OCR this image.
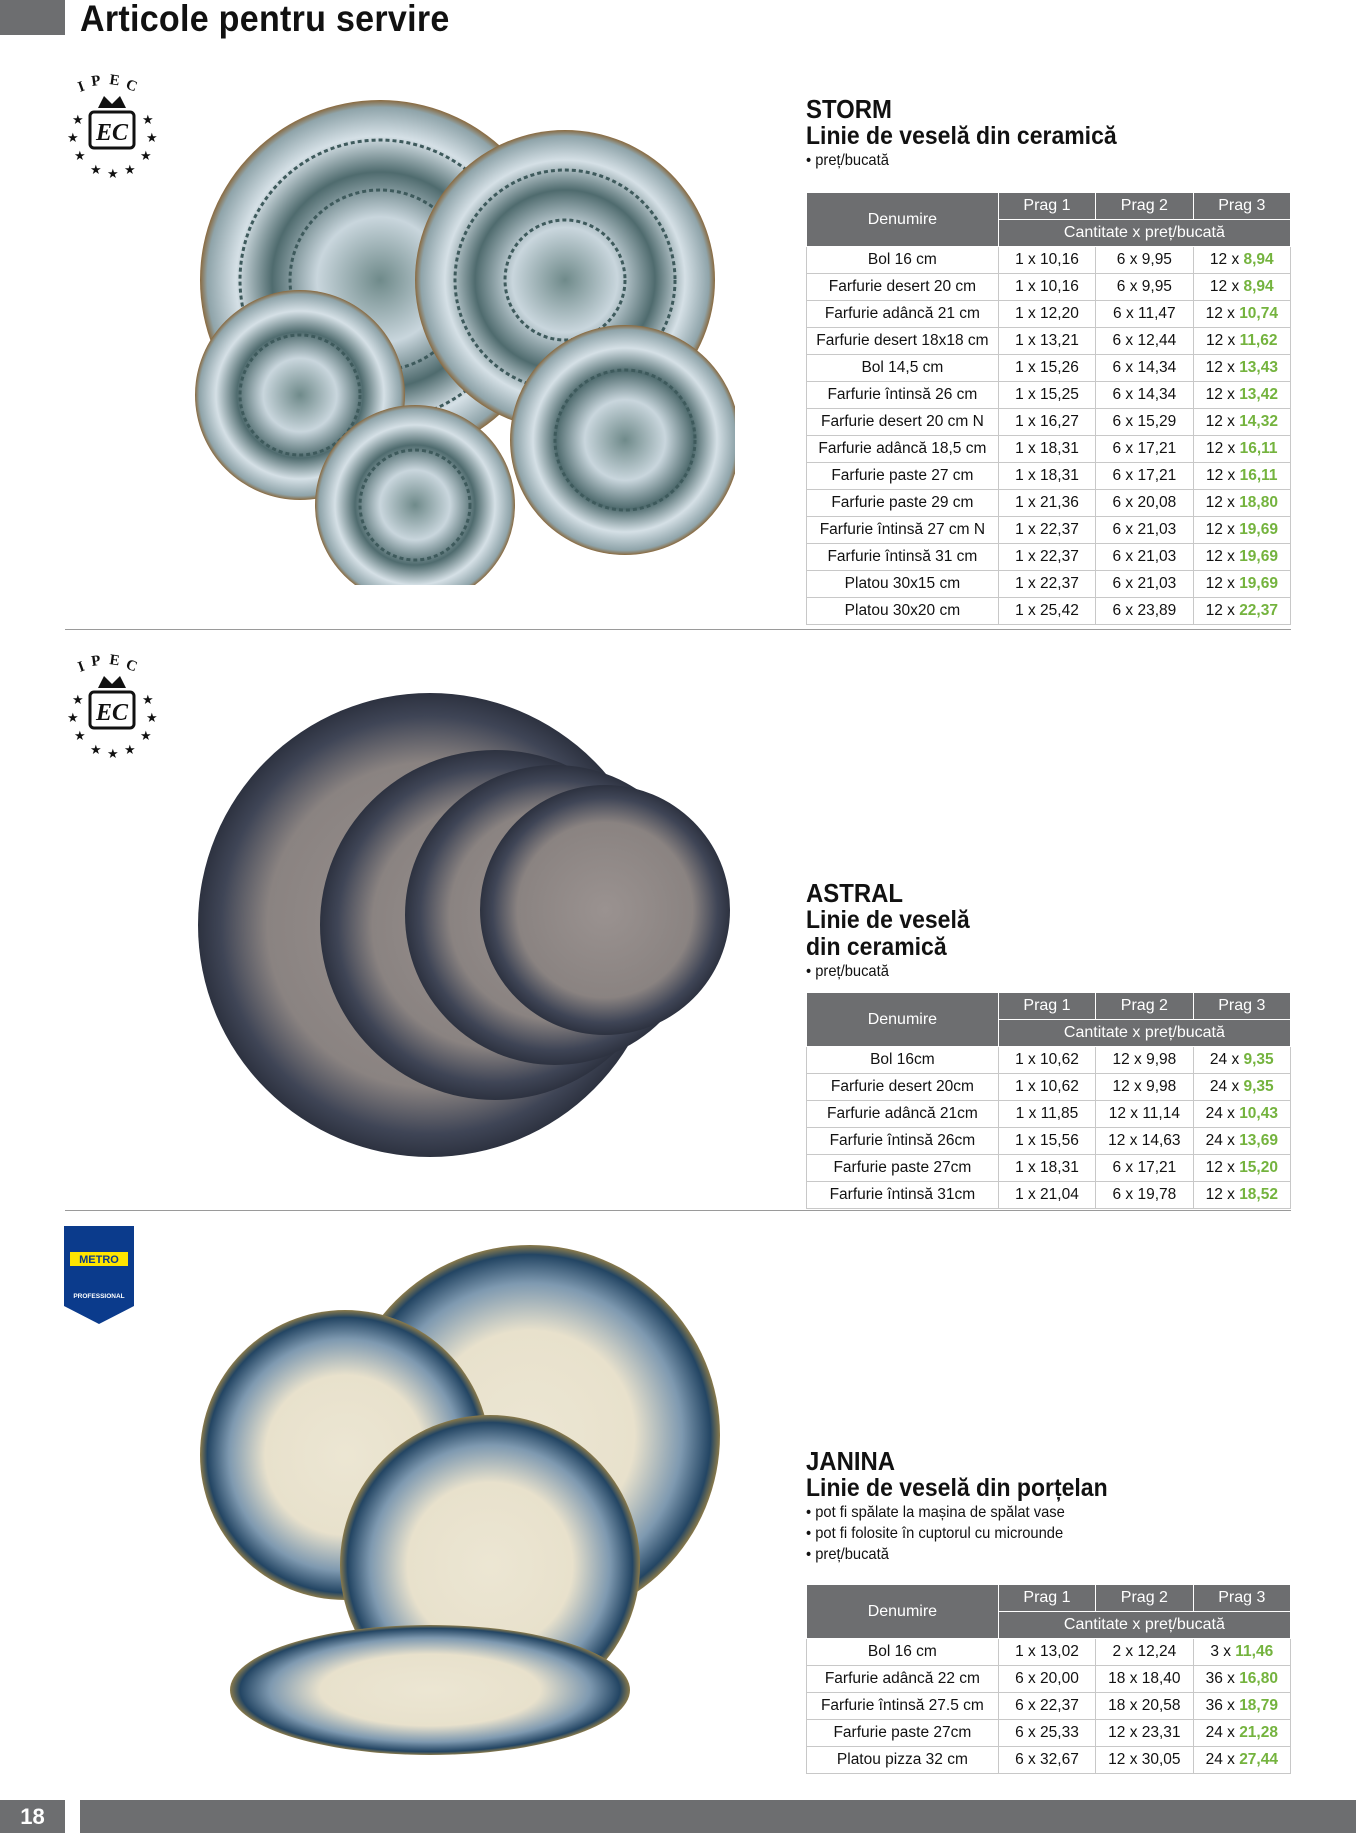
Articole pentru servire
I P E C
EC
★
★
★
★ ★ ★
★
★
★
I P E C
EC
★
★
★
★ ★ ★
★
★
★
METRO
PROFESSIONAL
STORM
Linie de veselă din ceramică
• preț/bucată
Denumire	Prag 1	Prag 2	Prag 3
	Cantitate x preț/bucată		
Bol 16 cm	1 x 10,16	6 x 9,95	12 x 8,94
Farfurie desert 20 cm	1 x 10,16	6 x 9,95	12 x 8,94
Farfurie adâncă 21 cm	1 x 12,20	6 x 11,47	12 x 10,74
Farfurie desert 18x18 cm	1 x 13,21	6 x 12,44	12 x 11,62
Bol 14,5 cm	1 x 15,26	6 x 14,34	12 x 13,43
Farfurie întinsă 26 cm	1 x 15,25	6 x 14,34	12 x 13,42
Farfurie desert 20 cm N	1 x 16,27	6 x 15,29	12 x 14,32
Farfurie adâncă 18,5 cm	1 x 18,31	6 x 17,21	12 x 16,11
Farfurie paste 27 cm	1 x 18,31	6 x 17,21	12 x 16,11
Farfurie paste 29 cm	1 x 21,36	6 x 20,08	12 x 18,80
Farfurie întinsă 27 cm N	1 x 22,37	6 x 21,03	12 x 19,69
Farfurie întinsă 31 cm	1 x 22,37	6 x 21,03	12 x 19,69
Platou 30x15 cm	1 x 22,37	6 x 21,03	12 x 19,69
Platou 30x20 cm	1 x 25,42	6 x 23,89	12 x 22,37
ASTRAL
Linie de veselă din ceramică
• preț/bucată
Denumire	Prag 1	Prag 2	Prag 3
	Cantitate x preț/bucată		
Bol 16cm	1 x 10,62	12 x 9,98	24 x 9,35
Farfurie desert 20cm	1 x 10,62	12 x 9,98	24 x 9,35
Farfurie adâncă 21cm	1 x 11,85	12 x 11,14	24 x 10,43
Farfurie întinsă 26cm	1 x 15,56	12 x 14,63	24 x 13,69
Farfurie paste 27cm	1 x 18,31	6 x 17,21	12 x 15,20
Farfurie întinsă 31cm	1 x 21,04	6 x 19,78	12 x 18,52
JANINA
Linie de veselă din porțelan
• pot fi spălate la mașina de spălat vase
• pot fi folosite în cuptorul cu microunde
• preț/bucată
Denumire	Prag 1	Prag 2	Prag 3
	Cantitate x preț/bucată		
Bol 16 cm	1 x 13,02	2 x 12,24	3 x 11,46
Farfurie adâncă 22 cm	6 x 20,00	18 x 18,40	36 x 16,80
Farfurie întinsă 27.5 cm	6 x 22,37	18 x 20,58	36 x 18,79
Farfurie paste 27cm	6 x 25,33	12 x 23,31	24 x 21,28
Platou pizza 32 cm	6 x 32,67	12 x 30,05	24 x 27,44
18
